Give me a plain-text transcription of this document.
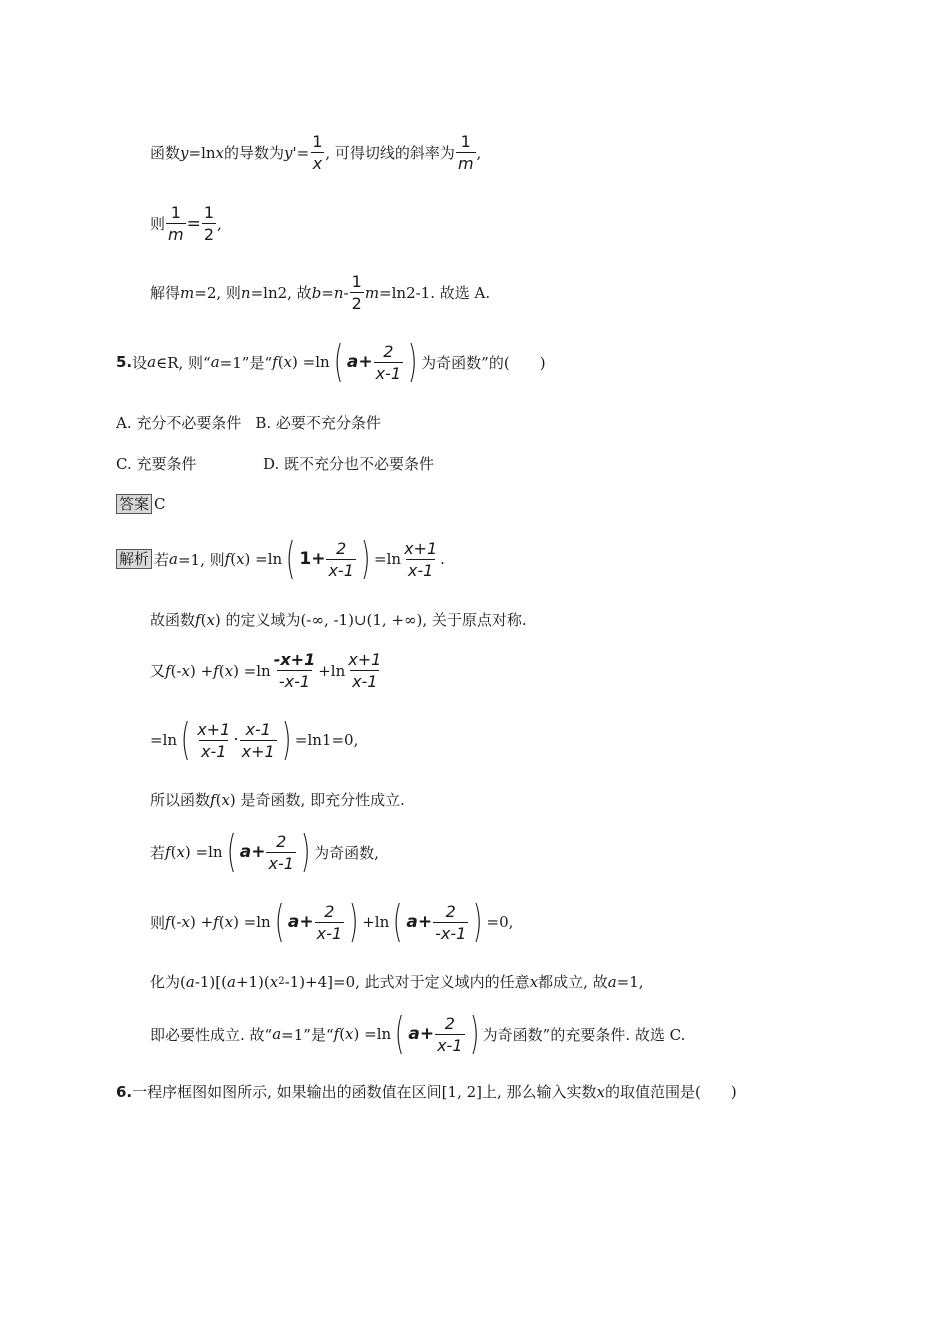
函数 y =ln x 的导数为 $y' = \frac{1}{x}$ , 可得切线的斜率为 $\frac{1}{m}$ ,
则 $\frac{1}{m} = \frac{1}{2}$ ,
解得 m =2, 则 n =ln2, 故 $b = n - \frac{1}{2}$ m =ln2-1. 故选 A.
5. 设 a ∈R, 则“ a =1”是“ f ( x ) =ln ( $a + \frac{2}{x-1}$ ) 为奇函数”的(　　)
A. 充分不必要条件 B. 必要不充分条件
C. 充要条件	D. 既不充分也不必要条件
答案 C
解析 若 a =1, 则 f ( x ) =ln ( $1 + \frac{2}{x-1}$ ) $=\ln \frac{x+1}{x-1}$ .
故函数 f ( x ) 的定义域为(-∞, -1)∪(1, +∞), 关于原点对称.
又 f (- x ) + f ( x ) $=\ln \frac{-x+1}{-x-1} +\ln \frac{x+1}{x-1}$
=ln ( $\frac{x+1}{x-1} \cdot \frac{x-1}{x+1}$ ) =ln1=0,
所以函数 f ( x ) 是奇函数, 即充分性成立.
若 f ( x ) =ln ( $a + \frac{2}{x-1}$ ) 为奇函数,
则 f (- x ) + f ( x ) =ln ( $a + \frac{2}{x-1}$ ) +ln ( $a + \frac{2}{-x-1}$ ) =0,
化为( a -1)[( a +1)( x 2 -1)+4]=0, 此式对于定义域内的任意 x 都成立, 故 a =1,
即必要性成立. 故“ a =1”是“ f ( x ) =ln ( $a + \frac{2}{x-1}$ ) 为奇函数”的充要条件. 故选 C.
6. 一程序框图如图所示, 如果输出的函数值在区间[1, 2]上, 那么输入实数 x 的取值范围是(　　)
